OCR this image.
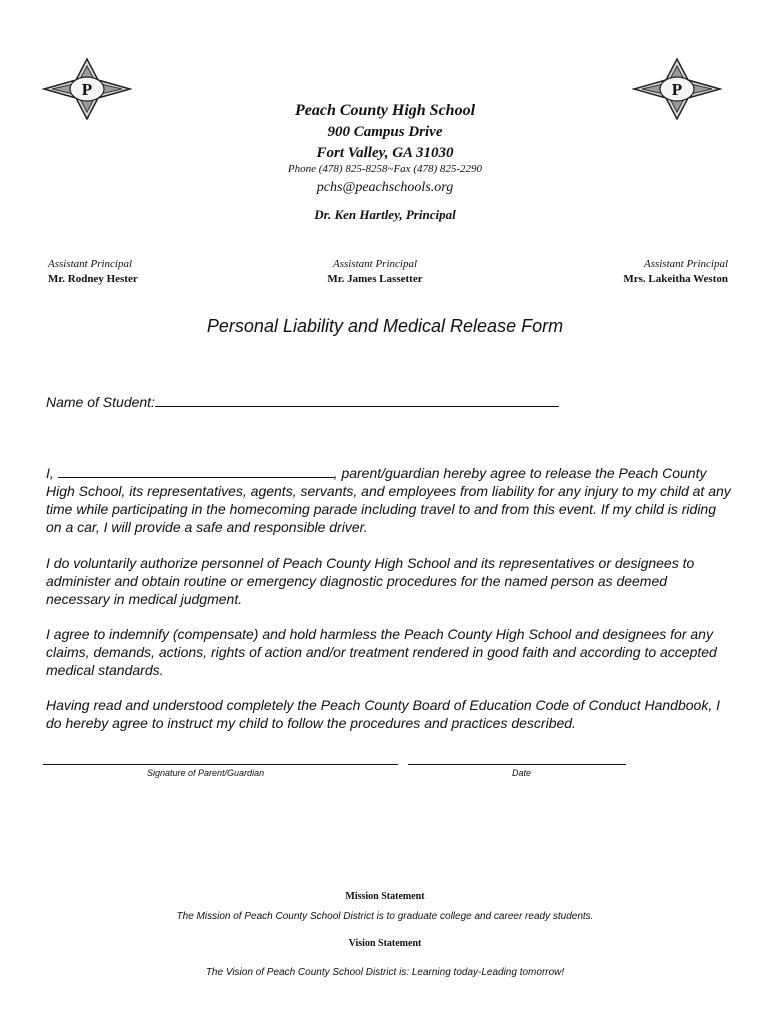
P	P
Peach County High School
900 Campus Drive
Fort Valley, GA 31030
Phone (478) 825-8258~Fax (478) 825-2290
pchs@peachschools.org
Dr. Ken Hartley, Principal
Assistant Principal
Mr. Rodney Hester
Assistant Principal
Mr. James Lassetter
Assistant Principal
Mrs. Lakeitha Weston
Personal Liability and Medical Release Form
Name of Student:

I,	, parent/guardian hereby agree to release the Peach County High School, its representatives, agents, servants, and employees from liability for any injury to my child at any time while participating in the homecoming parade including travel to and from this event. If my child is riding on a car, I will provide a safe and responsible driver.

I do voluntarily authorize personnel of Peach County High School and its representatives or designees to administer and obtain routine or emergency diagnostic procedures for the named person as deemed necessary in medical judgment.

I agree to indemnify (compensate) and hold harmless the Peach County High School and designees for any claims, demands, actions, rights of action and/or treatment rendered in good faith and according to accepted medical standards.

Having read and understood completely the Peach County Board of Education Code of Conduct Handbook, I do hereby agree to instruct my child to follow the procedures and practices described.

Signature of Parent/Guardian	Date
Mission Statement
The Mission of Peach County School District is to graduate college and career ready students.
Vision Statement
The Vision of Peach County School District is: Learning today-Leading tomorrow!
